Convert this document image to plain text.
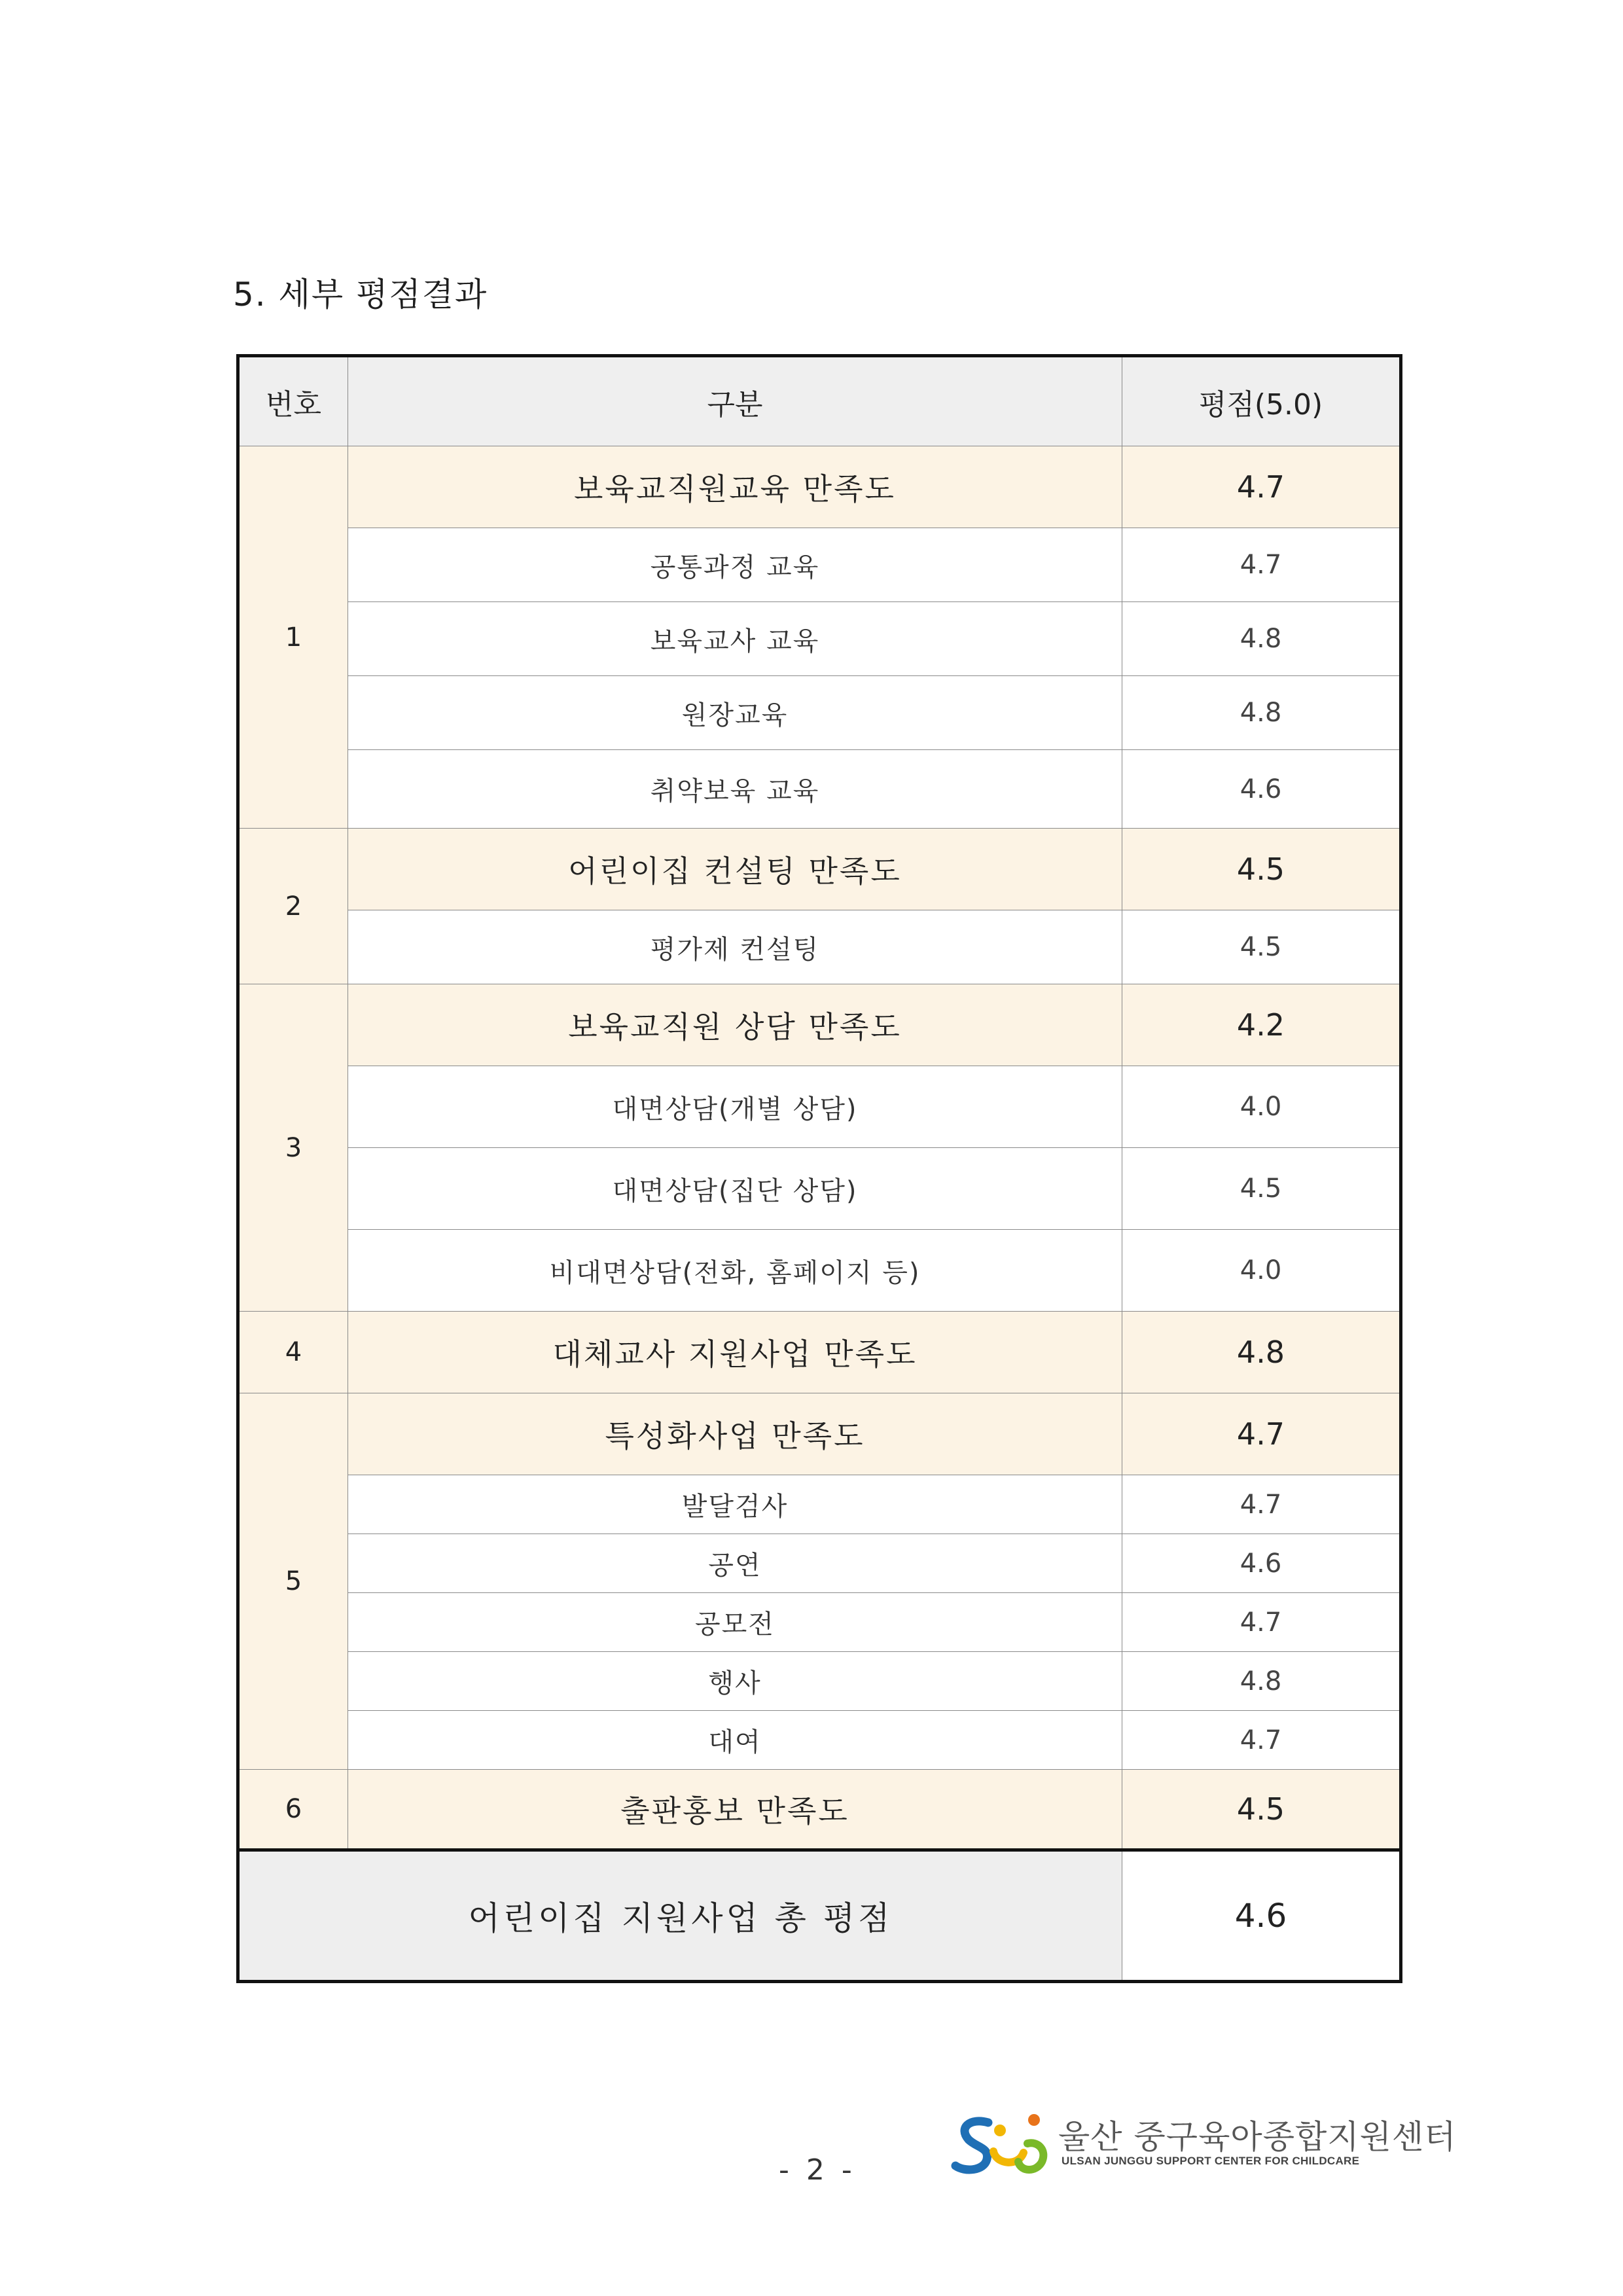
5. 세부 평점결과
번호	구분	평점(5.0)
1	보육교직원교육 만족도	4.7
	공통과정 교육	4.7
	보육교사 교육	4.8
	원장교육	4.8
	취약보육 교육	4.6
2	어린이집 컨설팅 만족도	4.5
	평가제 컨설팅	4.5
3	보육교직원 상담 만족도	4.2
	대면상담(개별 상담)	4.0
	대면상담(집단 상담)	4.5
	비대면상담(전화, 홈페이지 등)	4.0
4	대체교사 지원사업 만족도	4.8
5	특성화사업 만족도	4.7
	발달검사	4.7
	공연	4.6
	공모전	4.7
	행사	4.8
	대여	4.7
6	출판홍보 만족도	4.5
어린이집 지원사업 총 평점		4.6
- 2 -
울산 중구육아종합지원센터
ULSAN JUNGGU SUPPORT CENTER FOR CHILDCARE
